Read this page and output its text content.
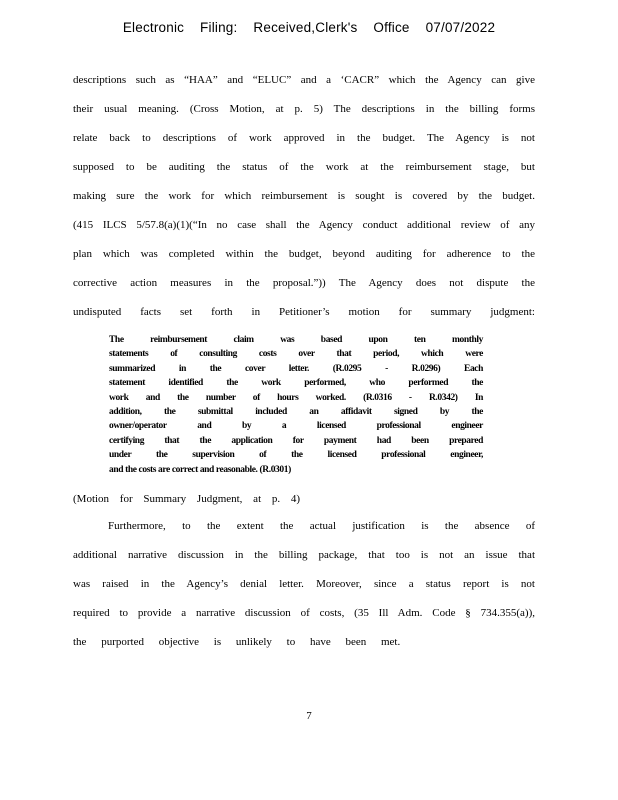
Electronic Filing: Received,Clerk's Office 07/07/2022
descriptions such as “HAA” and “ELUC” and a ‘CACR” which the Agency can give
their usual meaning. (Cross Motion, at p. 5) The descriptions in the billing forms
relate back to descriptions of work approved in the budget. The Agency is not
supposed to be auditing the status of the work at the reimbursement stage, but
making sure the work for which reimbursement is sought is covered by the budget.
(415 ILCS 5/57.8(a)(1)(“In no case shall the Agency conduct additional review of any
plan which was completed within the budget, beyond auditing for adherence to the
corrective action measures in the proposal.”)) The Agency does not dispute the
undisputed facts set forth in Petitioner’s motion for summary judgment:
The reimbursement claim was based upon ten monthly
statements of consulting costs over that period, which were
summarized in the cover letter. (R.0295 - R.0296) Each
statement identified the work performed, who performed the
work and the number of hours worked. (R.0316 - R.0342) In
addition, the submittal included an affidavit signed by the
owner/operator and by a licensed professional engineer
certifying that the application for payment had been prepared
under the supervision of the licensed professional engineer,
and the costs are correct and reasonable. (R.0301)
(Motion for Summary Judgment, at p. 4)
Furthermore, to the extent the actual justification is the absence of
additional narrative discussion in the billing package, that too is not an issue that
was raised in the Agency’s denial letter. Moreover, since a status report is not
required to provide a narrative discussion of costs, (35 Ill Adm. Code § 734.355(a)),
the purported objective is unlikely to have been met.
7
